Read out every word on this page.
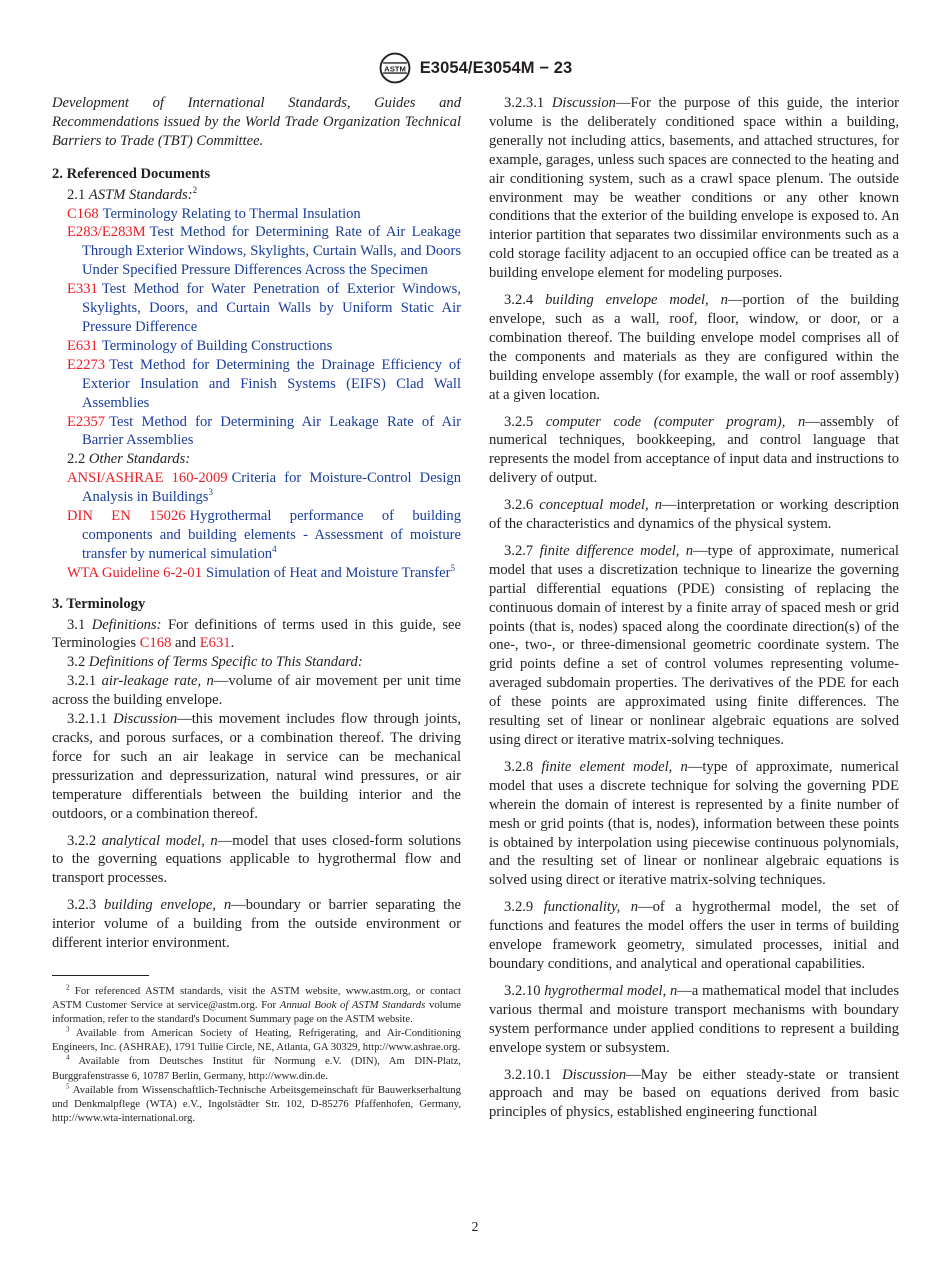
ASTM E3054/E3054M − 23

Development of International Standards, Guides and Recommendations issued by the World Trade Organization Technical Barriers to Trade (TBT) Committee.

2. Referenced Documents

2.1 ASTM Standards:$^2$

C168 Terminology Relating to Thermal Insulation

E283/E283M Test Method for Determining Rate of Air Leakage Through Exterior Windows, Skylights, Curtain Walls, and Doors Under Specified Pressure Differences Across the Specimen

E331 Test Method for Water Penetration of Exterior Windows, Skylights, Doors, and Curtain Walls by Uniform Static Air Pressure Difference

E631 Terminology of Building Constructions

E2273 Test Method for Determining the Drainage Efficiency of Exterior Insulation and Finish Systems (EIFS) Clad Wall Assemblies

E2357 Test Method for Determining Air Leakage Rate of Air Barrier Assemblies

2.2 Other Standards:

ANSI/ASHRAE 160-2009 Criteria for Moisture-Control Design Analysis in Buildings$^3$

DIN EN 15026 Hygrothermal performance of building components and building elements - Assessment of moisture transfer by numerical simulation$^4$

WTA Guideline 6-2-01 Simulation of Heat and Moisture Transfer$^5$

3. Terminology

3.1 Definitions: For definitions of terms used in this guide, see Terminologies C168 and E631.

3.2 Definitions of Terms Specific to This Standard:

3.2.1 air-leakage rate, n—volume of air movement per unit time across the building envelope.

3.2.1.1 Discussion—this movement includes flow through joints, cracks, and porous surfaces, or a combination thereof. The driving force for such an air leakage in service can be mechanical pressurization and depressurization, natural wind pressures, or air temperature differentials between the building interior and the outdoors, or a combination thereof.

3.2.2 analytical model, n—model that uses closed-form solutions to the governing equations applicable to hygrothermal flow and transport processes.

3.2.3 building envelope, n—boundary or barrier separating the interior volume of a building from the outside environment or different interior environment.

$^2$ For referenced ASTM standards, visit the ASTM website, www.astm.org, or contact ASTM Customer Service at service@astm.org. For Annual Book of ASTM Standards volume information, refer to the standard's Document Summary page on the ASTM website.

$^3$ Available from American Society of Heating, Refrigerating, and Air-Conditioning Engineers, Inc. (ASHRAE), 1791 Tullie Circle, NE, Atlanta, GA 30329, http://www.ashrae.org.

$^4$ Available from Deutsches Institut für Normung e.V. (DIN), Am DIN-Platz, Burggrafenstrasse 6, 10787 Berlin, Germany, http://www.din.de.

$^5$ Available from Wissenschaftlich-Technische Arbeitsgemeinschaft für Bauwerkserhaltung und Denkmalpflege (WTA) e.V., Ingolstädter Str. 102, D-85276 Pfaffenhofen, Germany, http://www.wta-international.org.

3.2.3.1 Discussion—For the purpose of this guide, the interior volume is the deliberately conditioned space within a building, generally not including attics, basements, and attached structures, for example, garages, unless such spaces are connected to the heating and air conditioning system, such as a crawl space plenum. The outside environment may be weather conditions or any other known conditions that the exterior of the building envelope is exposed to. An interior partition that separates two dissimilar environments such as a cold storage facility adjacent to an occupied office can be treated as a building envelope element for modeling purposes.

3.2.4 building envelope model, n—portion of the building envelope, such as a wall, roof, floor, window, or door, or a combination thereof. The building envelope model comprises all of the components and materials as they are configured within the building envelope assembly (for example, the wall or roof assembly) at a given location.

3.2.5 computer code (computer program), n—assembly of numerical techniques, bookkeeping, and control language that represents the model from acceptance of input data and instructions to delivery of output.

3.2.6 conceptual model, n—interpretation or working description of the characteristics and dynamics of the physical system.

3.2.7 finite difference model, n—type of approximate, numerical model that uses a discretization technique to linearize the governing partial differential equations (PDE) consisting of replacing the continuous domain of interest by a finite array of spaced mesh or grid points (that is, nodes) spaced along the coordinate direction(s) of the one-, two-, or three-dimensional geometric coordinate system. The grid points define a set of control volumes representing volume-averaged subdomain properties. The derivatives of the PDE for each of these points are approximated using finite differences. The resulting set of linear or nonlinear algebraic equations are solved using direct or iterative matrix-solving techniques.

3.2.8 finite element model, n—type of approximate, numerical model that uses a discrete technique for solving the governing PDE wherein the domain of interest is represented by a finite number of mesh or grid points (that is, nodes), information between these points is obtained by interpolation using piecewise continuous polynomials, and the resulting set of linear or nonlinear algebraic equations is solved using direct or iterative matrix-solving techniques.

3.2.9 functionality, n—of a hygrothermal model, the set of functions and features the model offers the user in terms of building envelope framework geometry, simulated processes, initial and boundary conditions, and analytical and operational capabilities.

3.2.10 hygrothermal model, n—a mathematical model that includes various thermal and moisture transport mechanisms with boundary system performance under applied conditions to represent a building envelope system or subsystem.

3.2.10.1 Discussion—May be either steady-state or transient approach and may be based on equations derived from basic principles of physics, established engineering functional

2
